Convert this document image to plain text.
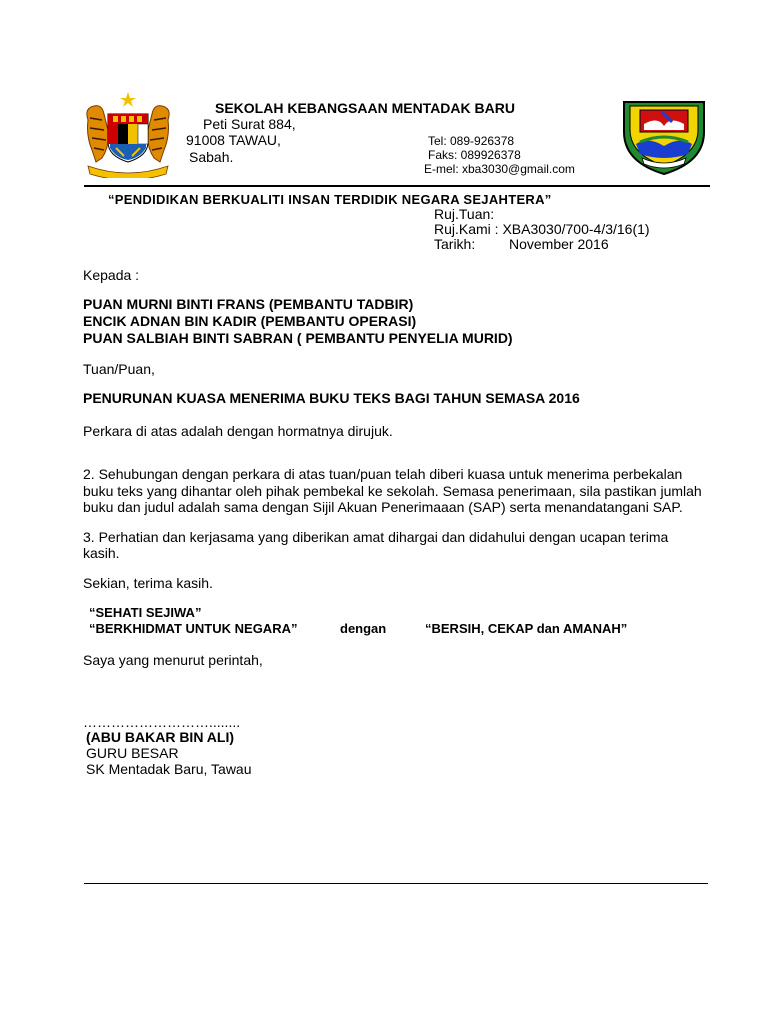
SEKOLAH KEBANGSAAN MENTADAK BARU
Peti Surat 884,
91008 TAWAU,
Sabah.
Tel: 089-926378
Faks: 089926378
E-mel: xba3030@gmail.com
“PENDIDIKAN BERKUALITI INSAN TERDIDIK NEGARA SEJAHTERA”
Ruj.Tuan:
Ruj.Kami : XBA3030/700-4/3/16(1)
Tarikh: November 2016
Kepada :
PUAN MURNI BINTI FRANS (PEMBANTU TADBIR)
ENCIK ADNAN BIN KADIR (PEMBANTU OPERASI)
PUAN SALBIAH BINTI SABRAN ( PEMBANTU PENYELIA MURID)
Tuan/Puan,
PENURUNAN KUASA MENERIMA BUKU TEKS BAGI TAHUN SEMASA 2016
Perkara di atas adalah dengan hormatnya dirujuk.
2. Sehubungan dengan perkara di atas tuan/puan telah diberi kuasa untuk menerima perbekalan
buku teks yang dihantar oleh pihak pembekal ke sekolah. Semasa penerimaan, sila pastikan jumlah
buku dan judul adalah sama dengan Sijil Akuan Penerimaaan (SAP) serta menandatangani SAP.
3. Perhatian dan kerjasama yang diberikan amat dihargai dan didahului dengan ucapan terima
kasih.
Sekian, terima kasih.
“SEHATI SEJIWA”
“BERKHIDMAT UNTUK NEGARA”	dengan	“BERSIH, CEKAP dan AMANAH”
Saya yang menurut perintah,
………………………........
(ABU BAKAR BIN ALI)
GURU BESAR
SK Mentadak Baru, Tawau
